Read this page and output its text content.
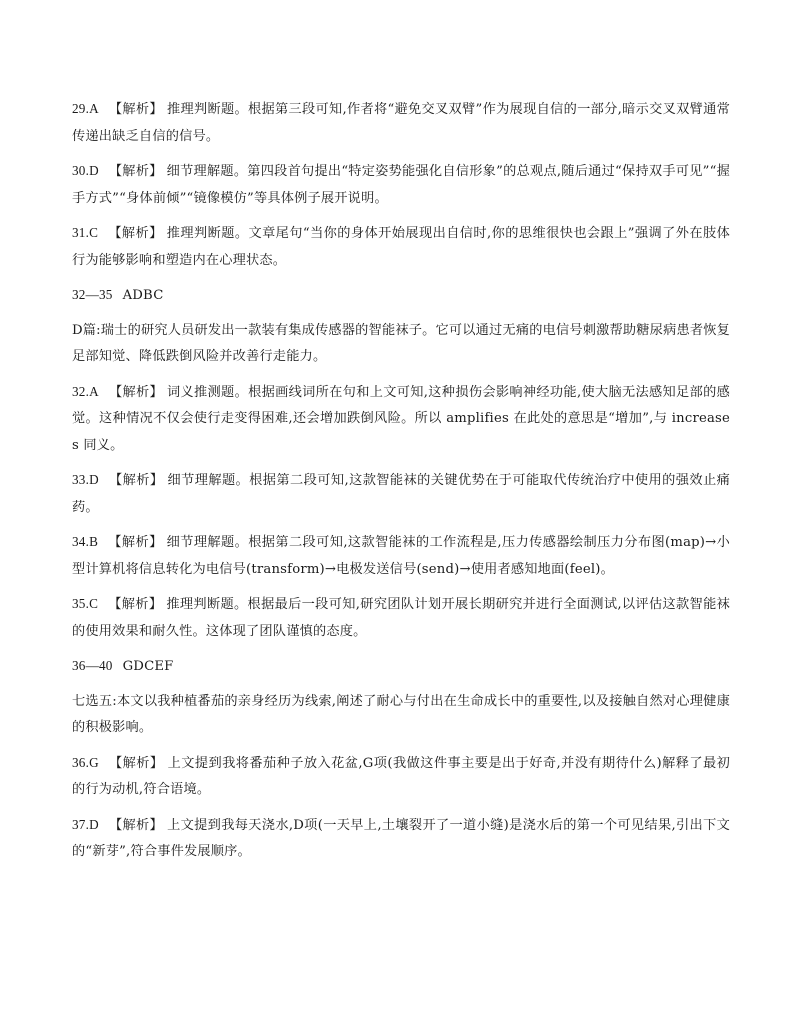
29.A 【解析】 推理判断题。根据第三段可知,作者将“避免交叉双臂”作为展现自信的一部分,暗示交叉双臂通常传递出缺乏自信的信号。

30.D 【解析】 细节理解题。第四段首句提出“特定姿势能强化自信形象”的总观点,随后通过“保持双手可见”“握手方式”“身体前倾”“镜像模仿”等具体例子展开说明。

31.C 【解析】 推理判断题。文章尾句“当你的身体开始展现出自信时,你的思维很快也会跟上”强调了外在肢体行为能够影响和塑造内在心理状态。

32—35 ADBC

D篇:瑞士的研究人员研发出一款装有集成传感器的智能袜子。它可以通过无痛的电信号刺激帮助糖尿病患者恢复足部知觉、降低跌倒风险并改善行走能力。

32.A 【解析】 词义推测题。根据画线词所在句和上文可知,这种损伤会影响神经功能,使大脑无法感知足部的感觉。这种情况不仅会使行走变得困难,还会增加跌倒风险。所以 amplifies 在此处的意思是“增加”,与 increases 同义。

33.D 【解析】 细节理解题。根据第二段可知,这款智能袜的关键优势在于可能取代传统治疗中使用的强效止痛药。

34.B 【解析】 细节理解题。根据第二段可知,这款智能袜的工作流程是,压力传感器绘制压力分布图(map)→小型计算机将信息转化为电信号(transform)→电极发送信号(send)→使用者感知地面(feel)。

35.C 【解析】 推理判断题。根据最后一段可知,研究团队计划开展长期研究并进行全面测试,以评估这款智能袜的使用效果和耐久性。这体现了团队谨慎的态度。

36—40 GDCEF

七选五:本文以我种植番茄的亲身经历为线索,阐述了耐心与付出在生命成长中的重要性,以及接触自然对心理健康的积极影响。

36.G 【解析】 上文提到我将番茄种子放入花盆,G项(我做这件事主要是出于好奇,并没有期待什么)解释了最初的行为动机,符合语境。

37.D 【解析】 上文提到我每天浇水,D项(一天早上,土壤裂开了一道小缝)是浇水后的第一个可见结果,引出下文的“新芽”,符合事件发展顺序。
